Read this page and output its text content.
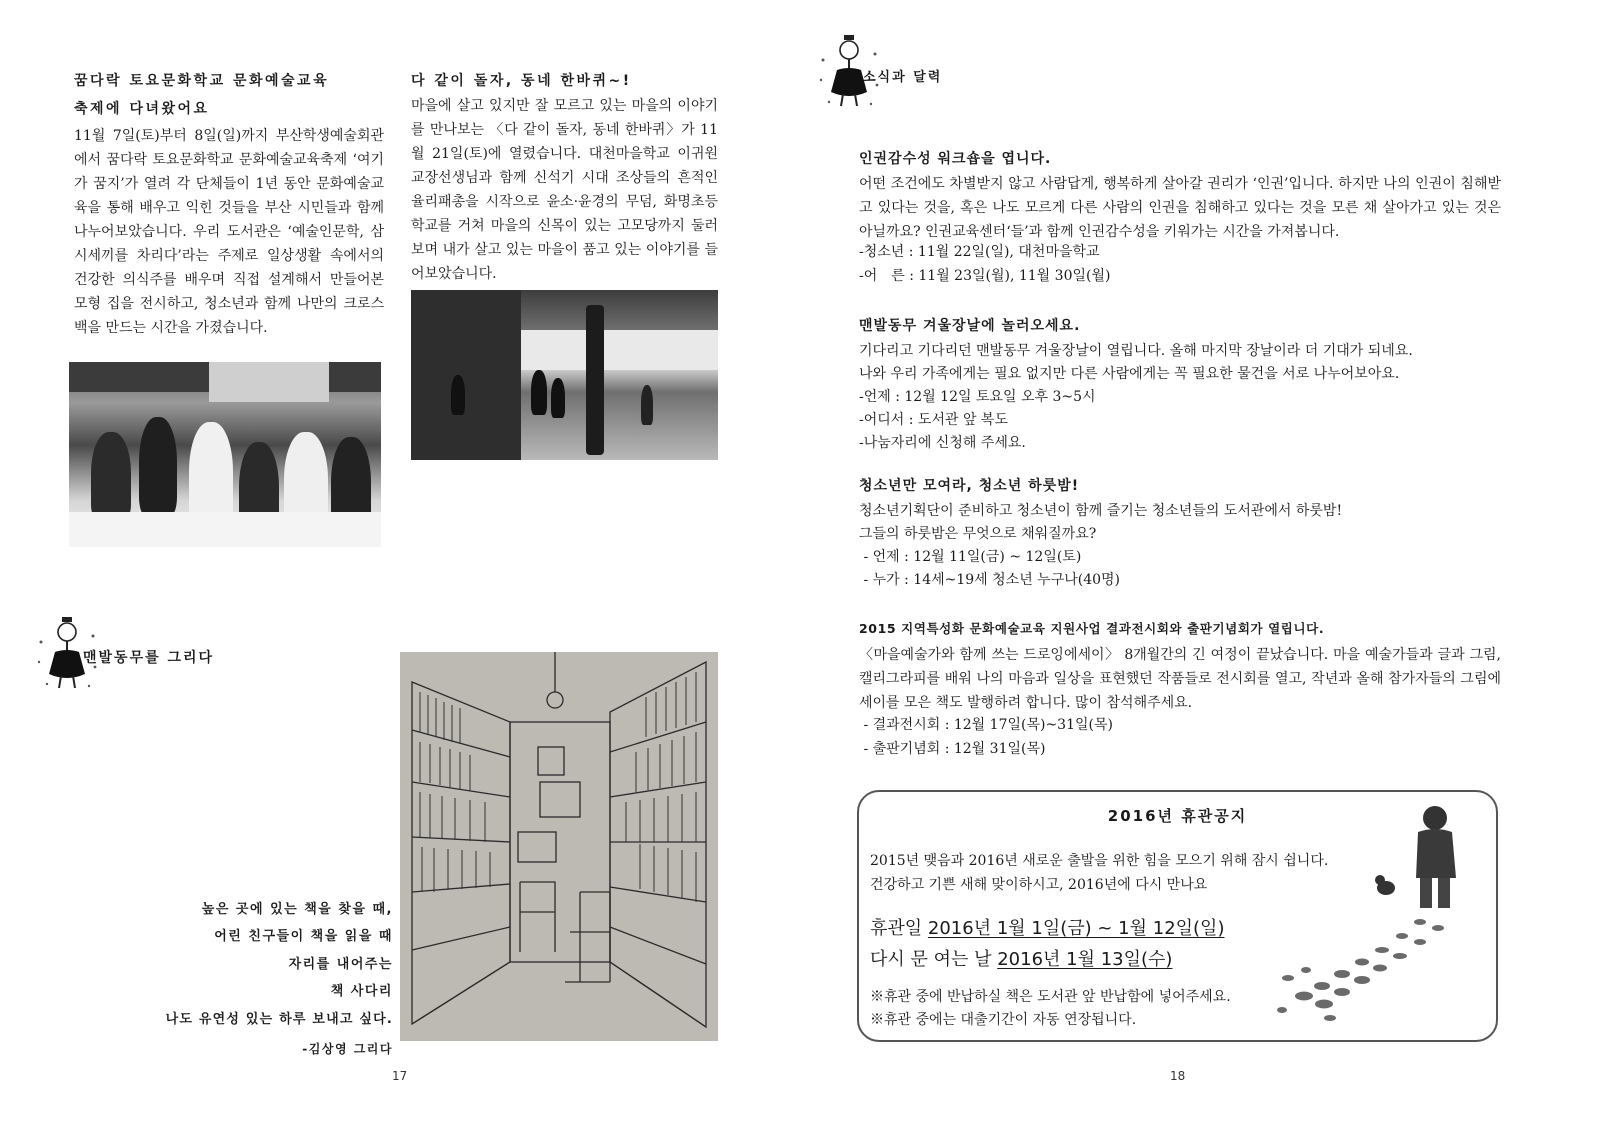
꿈다락 토요문화학교 문화예술교육
축제에 다녀왔어요
11월 7일(토)부터 8일(일)까지 부산학생예술회관에서 꿈다락 토요문화학교 문화예술교육축제 ‘여기가 꿈지’가 열려 각 단체들이 1년 동안 문화예술교육을 통해 배우고 익힌 것들을 부산 시민들과 함께 나누어보았습니다. 우리 도서관은 ‘예술인문학, 삼시세끼를 차리다’라는 주제로 일상생활 속에서의 건강한 의식주를 배우며 직접 설계해서 만들어본 모형 집을 전시하고, 청소년과 함께 나만의 크로스백을 만드는 시간을 가졌습니다.
다 같이 돌자, 동네 한바퀴~!
마을에 살고 있지만 잘 모르고 있는 마을의 이야기를 만나보는 〈다 같이 돌자, 동네 한바퀴〉가 11월 21일(토)에 열렸습니다. 대천마을학교 이귀원 교장선생님과 함께 신석기 시대 조상들의 흔적인 율리패총을 시작으로 윤소·윤경의 무덤, 화명초등학교를 거쳐 마을의 신목이 있는 고모당까지 둘러보며 내가 살고 있는 마을이 품고 있는 이야기를 들어보았습니다.
맨발동무를 그리다
높은 곳에 있는 책을 찾을 때,
어린 친구들이 책을 읽을 때
자리를 내어주는
책 사다리
나도 유연성 있는 하루 보내고 싶다.
-김상영 그리다
17
소식과 달력
인권감수성 워크숍을 엽니다.
어떤 조건에도 차별받지 않고 사람답게, 행복하게 살아갈 권리가 ‘인권’입니다. 하지만 나의 인권이 침해받고 있다는 것을, 혹은 나도 모르게 다른 사람의 인권을 침해하고 있다는 것을 모른 채 살아가고 있는 것은 아닐까요? 인권교육센터‘들’과 함께 인권감수성을 키워가는 시간을 가져봅니다.
-청소년 : 11월 22일(일), 대천마을학교
-어　른 : 11월 23일(월), 11월 30일(월)
맨발동무 겨울장날에 놀러오세요.
기다리고 기다리던 맨발동무 겨울장날이 열립니다. 올해 마지막 장날이라 더 기대가 되네요.
나와 우리 가족에게는 필요 없지만 다른 사람에게는 꼭 필요한 물건을 서로 나누어보아요.
-언제 : 12월 12일 토요일 오후 3~5시
-어디서 : 도서관 앞 복도
-나눔자리에 신청해 주세요.
청소년만 모여라, 청소년 하룻밤!
청소년기획단이 준비하고 청소년이 함께 즐기는 청소년들의 도서관에서 하룻밤!
그들의 하룻밤은 무엇으로 채워질까요?
- 언제 : 12월 11일(금) ~ 12일(토)
- 누가 : 14세~19세 청소년 누구나(40명)
2015 지역특성화 문화예술교육 지원사업 결과전시회와 출판기념회가 열립니다.
〈마을예술가와 함께 쓰는 드로잉에세이〉 8개월간의 긴 여정이 끝났습니다. 마을 예술가들과 글과 그림, 캘리그라피를 배워 나의 마음과 일상을 표현했던 작품들로 전시회를 열고, 작년과 올해 참가자들의 그림에세이를 모은 책도 발행하려 합니다. 많이 참석해주세요.
- 결과전시회 : 12월 17일(목)~31일(목)
- 출판기념회 : 12월 31일(목)
2016년 휴관공지
2015년 맺음과 2016년 새로운 출발을 위한 힘을 모으기 위해 잠시 쉽니다.
건강하고 기쁜 새해 맞이하시고, 2016년에 다시 만나요
휴관일 2016년 1월 1일(금) ~ 1월 12일(일)
다시 문 여는 날 2016년 1월 13일(수)
※휴관 중에 반납하실 책은 도서관 앞 반납함에 넣어주세요.
※휴관 중에는 대출기간이 자동 연장됩니다.
18
